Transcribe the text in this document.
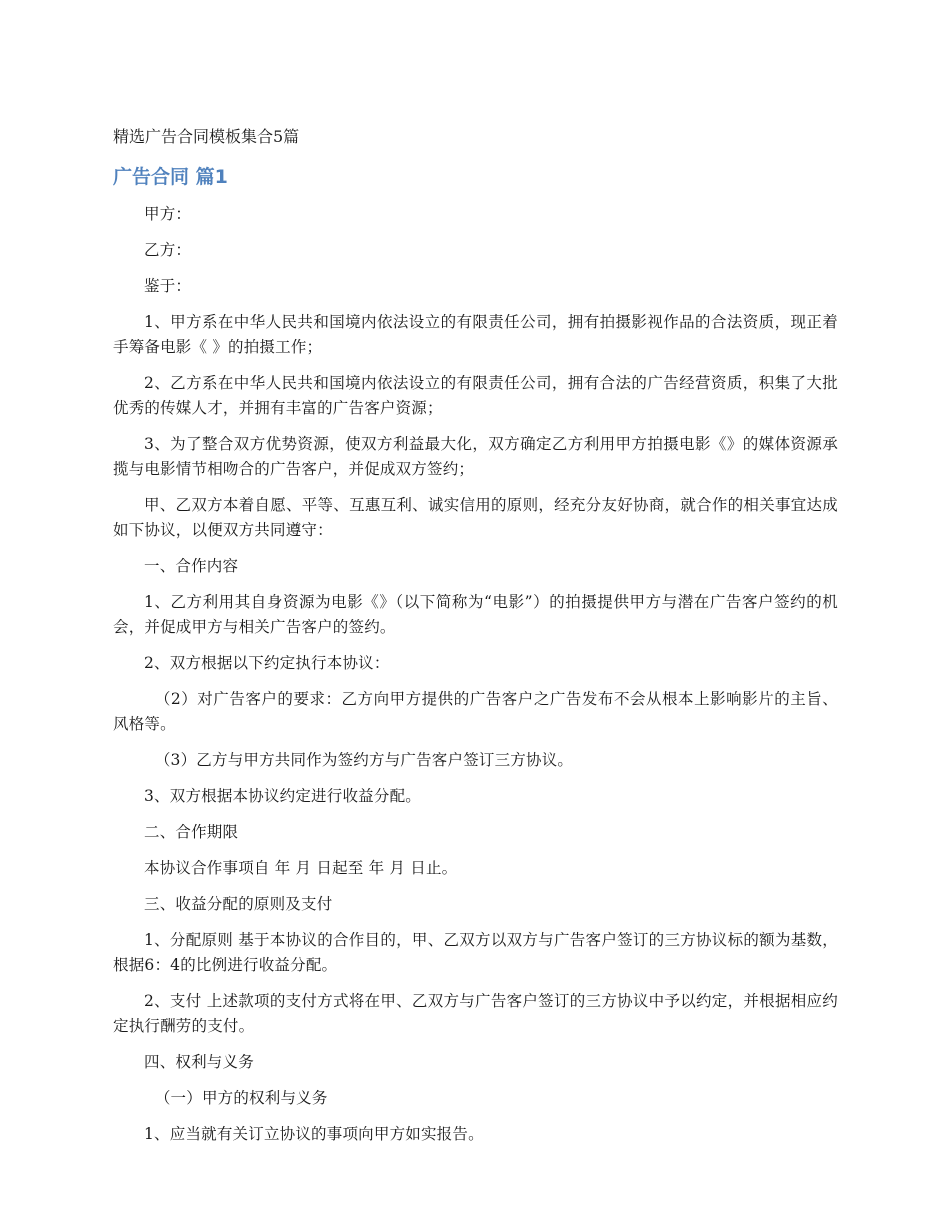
精选广告合同模板集合5篇
广告合同 篇1

甲方：

乙方：

鉴于：

1、甲方系在中华人民共和国境内依法设立的有限责任公司，拥有拍摄影视作品的合法资质，现正着手筹备电影《 》的拍摄工作；

2、乙方系在中华人民共和国境内依法设立的有限责任公司，拥有合法的广告经营资质，积集了大批优秀的传媒人才，并拥有丰富的广告客户资源；

3、为了整合双方优势资源，使双方利益最大化，双方确定乙方利用甲方拍摄电影《》的媒体资源承揽与电影情节相吻合的广告客户，并促成双方签约；

甲、乙双方本着自愿、平等、互惠互利、诚实信用的原则，经充分友好协商，就合作的相关事宜达成如下协议，以便双方共同遵守：

一、合作内容

1、乙方利用其自身资源为电影《》（以下简称为“电影”）的拍摄提供甲方与潜在广告客户签约的机会，并促成甲方与相关广告客户的签约。

2、双方根据以下约定执行本协议：

（2）对广告客户的要求：乙方向甲方提供的广告客户之广告发布不会从根本上影响影片的主旨、风格等。

（3）乙方与甲方共同作为签约方与广告客户签订三方协议。

3、双方根据本协议约定进行收益分配。

二、合作期限

本协议合作事项自 年 月 日起至 年 月 日止。

三、收益分配的原则及支付

1、分配原则 基于本协议的合作目的，甲、乙双方以双方与广告客户签订的三方协议标的额为基数，根据6：4的比例进行收益分配。

2、支付 上述款项的支付方式将在甲、乙双方与广告客户签订的三方协议中予以约定，并根据相应约定执行酬劳的支付。

四、权利与义务

（一）甲方的权利与义务

1、应当就有关订立协议的事项向甲方如实报告。
